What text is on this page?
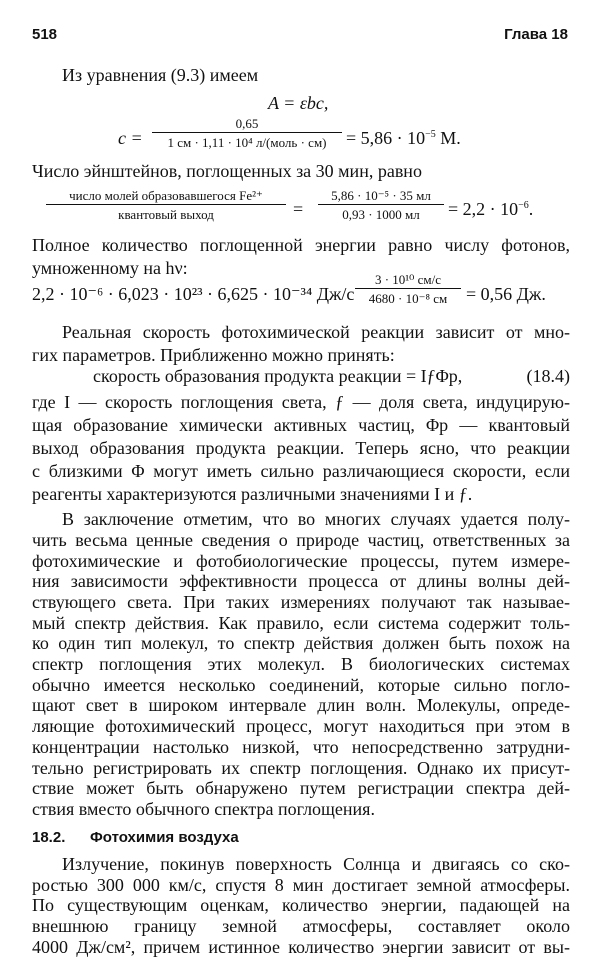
518	Глава 18
Из уравнения (9.3) имеем
A = εbc,
c =
0,65
1 см · 1,11 · 10⁴ л/(моль · см)	= $5,86 \cdot 10^{-5}$ М.
Число эйнштейнов, поглощенных за 30 мин, равно
число молей образовавшегося Fe²⁺
квантовый выход	=
5,86 · 10⁻⁵ · 35 мл
0,93 · 1000 мл	= $2,2 \cdot 10^{-6}$.
Полное количество поглощенной энергии равно числу фотонов,
умноженному на hν:
2,2 · 10⁻⁶ · 6,023 · 10²³ · 6,625 · 10⁻³⁴ Дж/с
3 · 10¹⁰ см/с
4680 · 10⁻⁸ см	= 0,56 Дж.
Реальная скорость фотохимической реакции зависит от мно-
гих параметров. Приближенно можно принять:
скорость образования продукта реакции = IƒΦp,	(18.4)
где I — скорость поглощения света, ƒ — доля света, индуцирую-
щая образование химически активных частиц, Φp — квантовый
выход образования продукта реакции. Теперь ясно, что реакции
с близкими Φ могут иметь сильно различающиеся скорости, если
реагенты характеризуются различными значениями I и ƒ.
В заключение отметим, что во многих случаях удается полу-
чить весьма ценные сведения о природе частиц, ответственных за
фотохимические и фотобиологические процессы, путем измере-
ния зависимости эффективности процесса от длины волны дей-
ствующего света. При таких измерениях получают так называе-
мый спектр действия. Как правило, если система содержит толь-
ко один тип молекул, то спектр действия должен быть похож на
спектр поглощения этих молекул. В биологических системах
обычно имеется несколько соединений, которые сильно погло-
щают свет в широком интервале длин волн. Молекулы, опреде-
ляющие фотохимический процесс, могут находиться при этом в
концентрации настолько низкой, что непосредственно затрудни-
тельно регистрировать их спектр поглощения. Однако их присут-
ствие может быть обнаружено путем регистрации спектра дей-
ствия вместо обычного спектра поглощения.
18.2. Фотохимия воздуха
Излучение, покинув поверхность Солнца и двигаясь со ско-
ростью 300 000 км/с, спустя 8 мин достигает земной атмосферы.
По существующим оценкам, количество энергии, падающей на
внешнюю границу земной атмосферы, составляет около
4000 Дж/см², причем истинное количество энергии зависит от вы-
